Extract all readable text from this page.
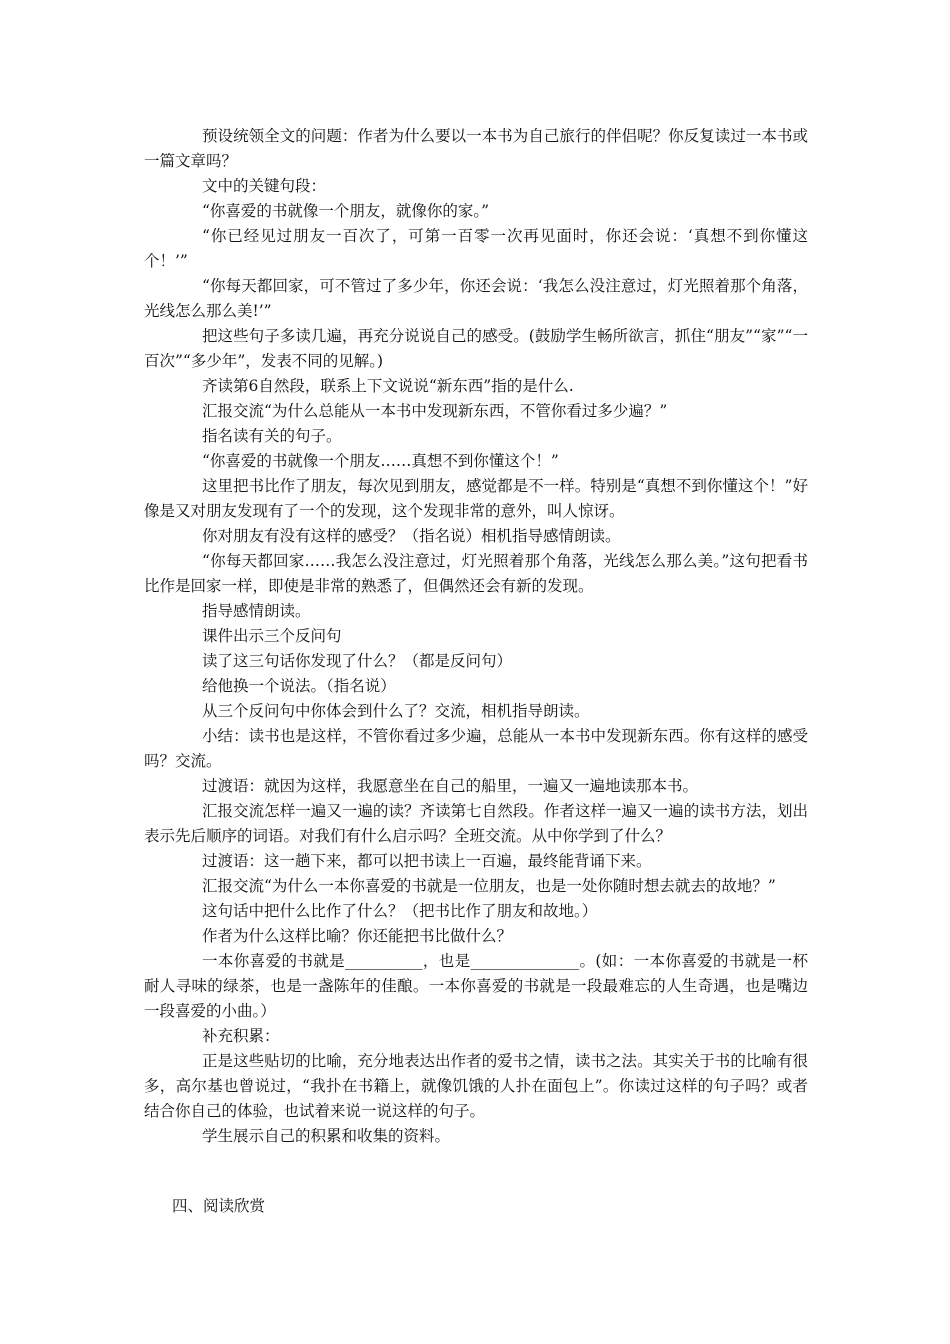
预设统领全文的问题：作者为什么要以一本书为自己旅行的伴侣呢？你反复读过一本书或一篇文章吗？

文中的关键句段：

“你喜爱的书就像一个朋友，就像你的家。”

“你已经见过朋友一百次了，可第一百零一次再见面时，你还会说：‘真想不到你懂这个！’”

“你每天都回家，可不管过了多少年，你还会说：‘我怎么没注意过，灯光照着那个角落，光线怎么那么美!’”

把这些句子多读几遍，再充分说说自己的感受。(鼓励学生畅所欲言，抓住“朋友”“家”“一百次”“多少年”，发表不同的见解。)

齐读第6自然段，联系上下文说说“新东西”指的是什么.

汇报交流“为什么总能从一本书中发现新东西，不管你看过多少遍？”

指名读有关的句子。

“你喜爱的书就像一个朋友……真想不到你懂这个！”

这里把书比作了朋友，每次见到朋友，感觉都是不一样。特别是“真想不到你懂这个！”好像是又对朋友发现有了一个的发现，这个发现非常的意外，叫人惊讶。

你对朋友有没有这样的感受？（指名说）相机指导感情朗读。

“你每天都回家……我怎么没注意过，灯光照着那个角落，光线怎么那么美。”这句把看书比作是回家一样，即使是非常的熟悉了，但偶然还会有新的发现。

指导感情朗读。

课件出示三个反问句

读了这三句话你发现了什么？（都是反问句）

给他换一个说法。（指名说）

从三个反问句中你体会到什么了？交流，相机指导朗读。

小结：读书也是这样，不管你看过多少遍，总能从一本书中发现新东西。你有这样的感受吗？交流。

过渡语：就因为这样，我愿意坐在自己的船里，一遍又一遍地读那本书。

汇报交流怎样一遍又一遍的读？齐读第七自然段。作者这样一遍又一遍的读书方法，划出表示先后顺序的词语。对我们有什么启示吗？全班交流。从中你学到了什么？

过渡语：这一趟下来，都可以把书读上一百遍，最终能背诵下来。

汇报交流“为什么一本你喜爱的书就是一位朋友，也是一处你随时想去就去的故地？”

这句话中把什么比作了什么？（把书比作了朋友和故地。）

作者为什么这样比喻？你还能把书比做什么？

一本你喜爱的书就是__________，也是______________。(如：一本你喜爱的书就是一杯耐人寻味的绿茶，也是一盏陈年的佳酿。一本你喜爱的书就是一段最难忘的人生奇遇，也是嘴边一段喜爱的小曲。）

补充积累：

正是这些贴切的比喻，充分地表达出作者的爱书之情，读书之法。其实关于书的比喻有很多，高尔基也曾说过，“我扑在书籍上，就像饥饿的人扑在面包上”。你读过这样的句子吗？或者结合你自己的体验，也试着来说一说这样的句子。

学生展示自己的积累和收集的资料。

四、阅读欣赏
